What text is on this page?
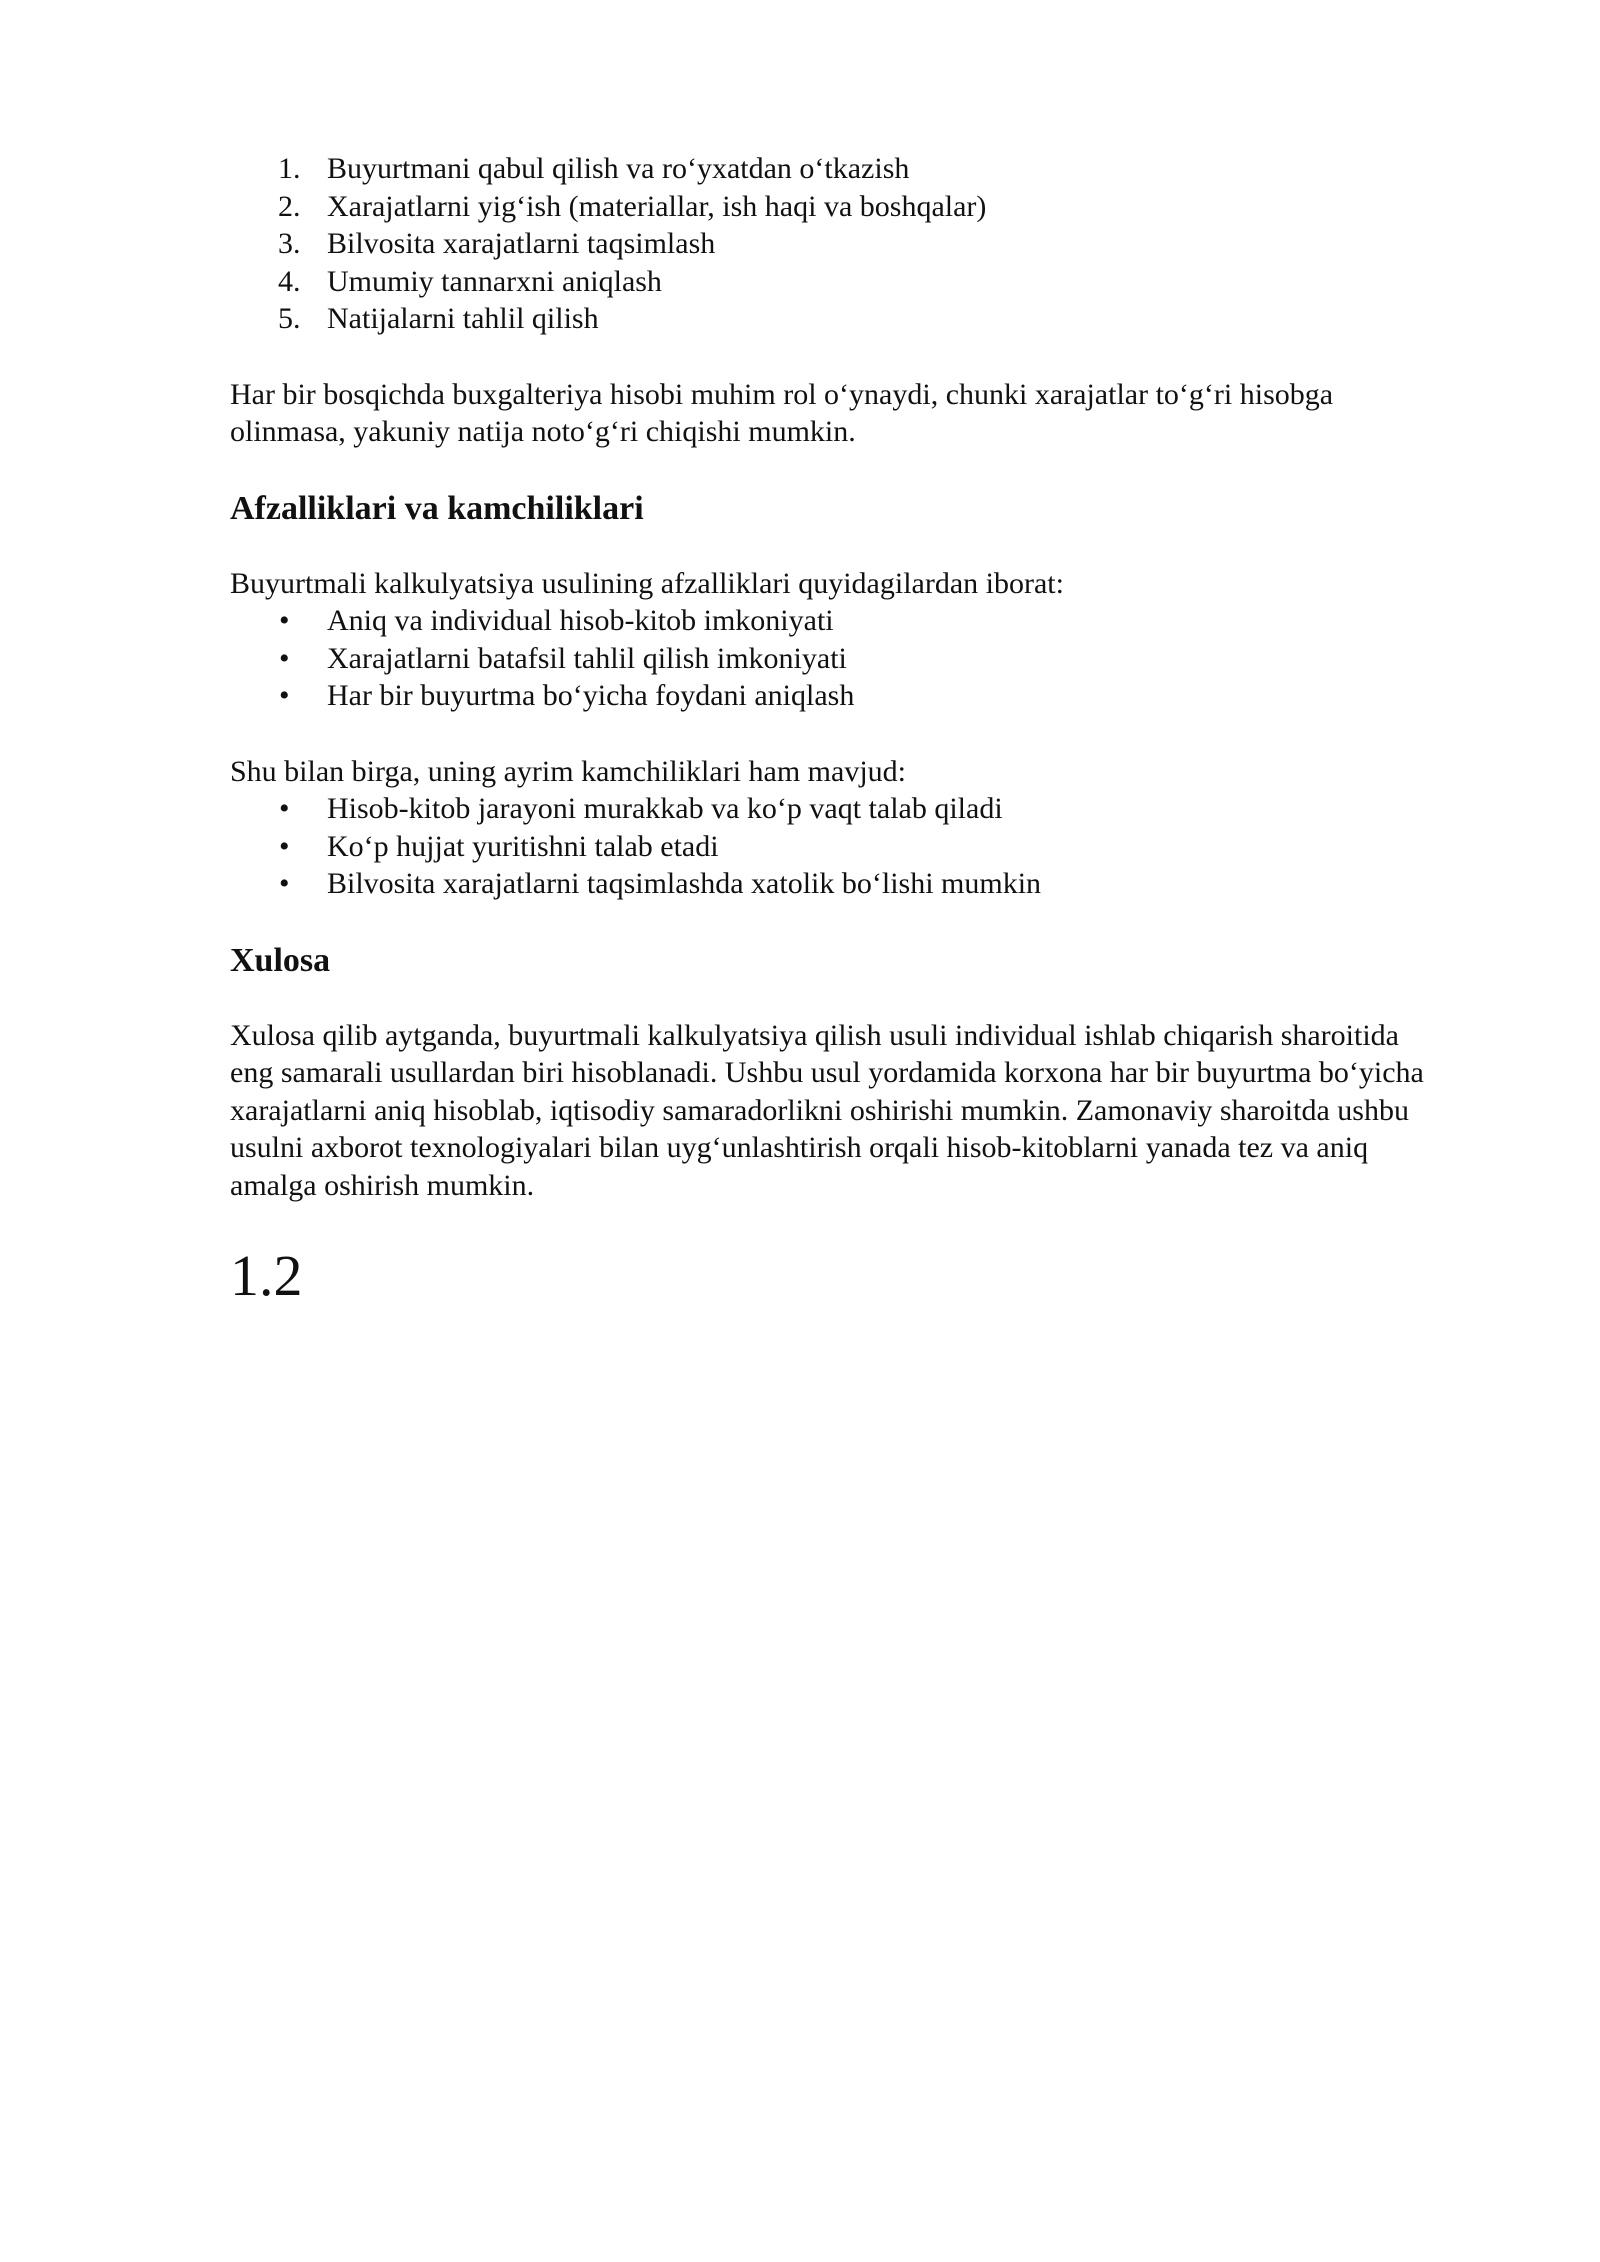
1. Buyurtmani qabul qilish va ro‘yxatdan o‘tkazish
2. Xarajatlarni yig‘ish (materiallar, ish haqi va boshqalar)
3. Bilvosita xarajatlarni taqsimlash
4. Umumiy tannarxni aniqlash
5. Natijalarni tahlil qilish

Har bir bosqichda buxgalteriya hisobi muhim rol o‘ynaydi, chunki xarajatlar to‘g‘ri hisobga olinmasa, yakuniy natija noto‘g‘ri chiqishi mumkin.

Afzalliklari va kamchiliklari

Buyurtmali kalkulyatsiya usulining afzalliklari quyidagilardan iborat:

• Aniq va individual hisob-kitob imkoniyati
• Xarajatlarni batafsil tahlil qilish imkoniyati
• Har bir buyurtma bo‘yicha foydani aniqlash

Shu bilan birga, uning ayrim kamchiliklari ham mavjud:

• Hisob-kitob jarayoni murakkab va ko‘p vaqt talab qiladi
• Ko‘p hujjat yuritishni talab etadi
• Bilvosita xarajatlarni taqsimlashda xatolik bo‘lishi mumkin
Xulosa

Xulosa qilib aytganda, buyurtmali kalkulyatsiya qilish usuli individual ishlab chiqarish sharoitida eng samarali usullardan biri hisoblanadi. Ushbu usul yordamida korxona har bir buyurtma bo‘yicha xarajatlarni aniq hisoblab, iqtisodiy samaradorlikni oshirishi mumkin. Zamonaviy sharoitda ushbu usulni axborot texnologiyalari bilan uyg‘unlashtirish orqali hisob-kitoblarni yanada tez va aniq amalga oshirish mumkin.

1.2
